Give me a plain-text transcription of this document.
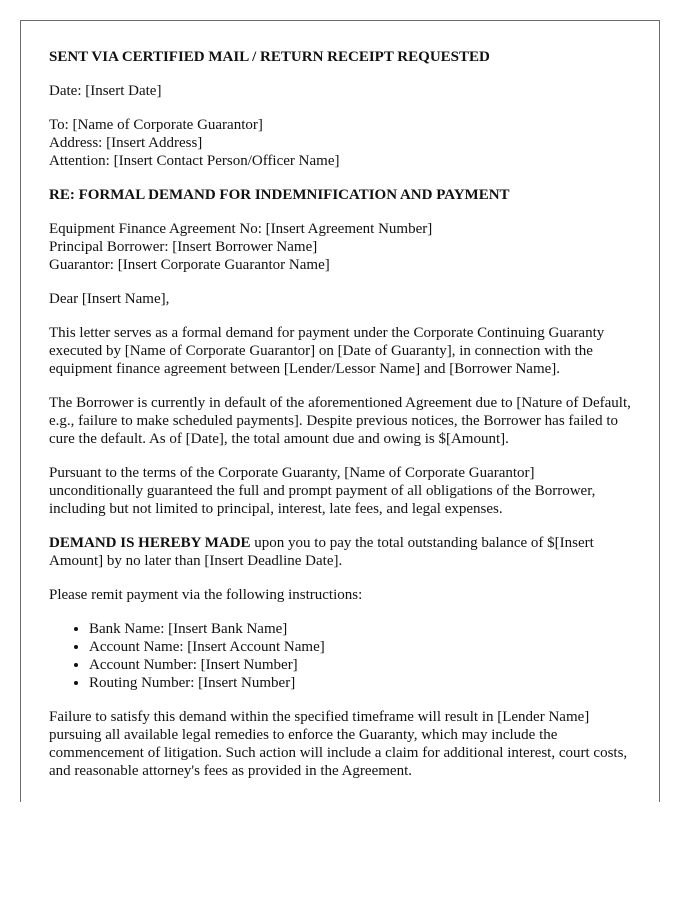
SENT VIA CERTIFIED MAIL / RETURN RECEIPT REQUESTED

Date: [Insert Date]

To: [Name of Corporate Guarantor]
Address: [Insert Address]
Attention: [Insert Contact Person/Officer Name]

RE: FORMAL DEMAND FOR INDEMNIFICATION AND PAYMENT

Equipment Finance Agreement No: [Insert Agreement Number]
Principal Borrower: [Insert Borrower Name]
Guarantor: [Insert Corporate Guarantor Name]

Dear [Insert Name],

This letter serves as a formal demand for payment under the Corporate Continuing Guaranty executed by [Name of Corporate Guarantor] on [Date of Guaranty], in connection with the equipment finance agreement between [Lender/Lessor Name] and [Borrower Name].

The Borrower is currently in default of the aforementioned Agreement due to [Nature of Default, e.g., failure to make scheduled payments]. Despite previous notices, the Borrower has failed to cure the default. As of [Date], the total amount due and owing is $[Amount].

Pursuant to the terms of the Corporate Guaranty, [Name of Corporate Guarantor] unconditionally guaranteed the full and prompt payment of all obligations of the Borrower, including but not limited to principal, interest, late fees, and legal expenses.

DEMAND IS HEREBY MADE upon you to pay the total outstanding balance of $[Insert Amount] by no later than [Insert Deadline Date].

Please remit payment via the following instructions:

• Bank Name: [Insert Bank Name]
• Account Name: [Insert Account Name]
• Account Number: [Insert Number]
• Routing Number: [Insert Number]

Failure to satisfy this demand within the specified timeframe will result in [Lender Name] pursuing all available legal remedies to enforce the Guaranty, which may include the commencement of litigation. Such action will include a claim for additional interest, court costs, and reasonable attorney's fees as provided in the Agreement.
